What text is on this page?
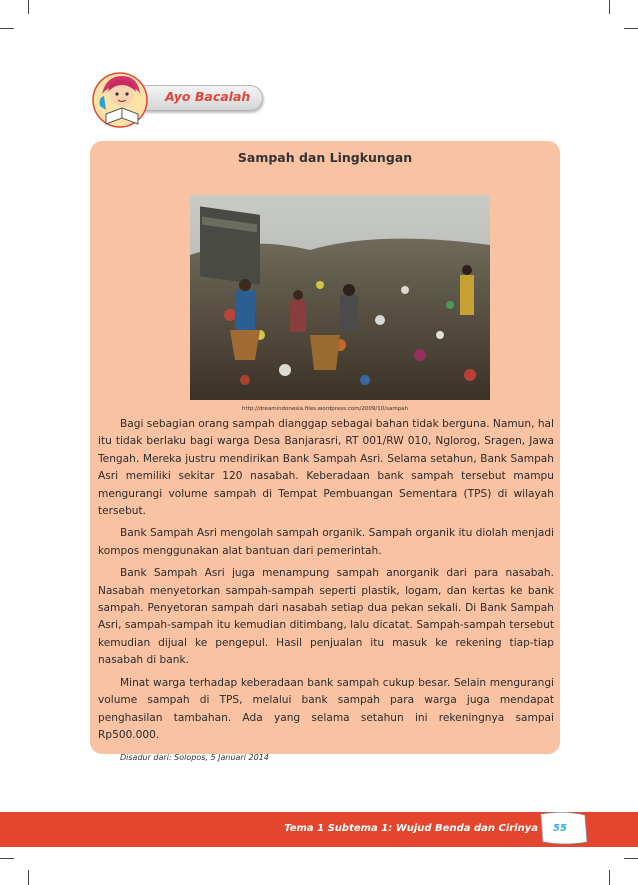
Ayo Bacalah
Sampah dan Lingkungan
http://dreamindonesia.files.wordpress.com/2009/10/sampah

Bagi sebagian orang sampah dianggap sebagai bahan tidak berguna. Namun, hal itu tidak berlaku bagi warga Desa Banjarasri, RT 001/RW 010, Nglorog, Sragen, Jawa Tengah. Mereka justru mendirikan Bank Sampah Asri. Selama setahun, Bank Sampah Asri memiliki sekitar 120 nasabah. Keberadaan bank sampah tersebut mampu mengurangi volume sampah di Tempat Pembuangan Sementara (TPS) di wilayah tersebut.

Bank Sampah Asri mengolah sampah organik. Sampah organik itu diolah menjadi kompos menggunakan alat bantuan dari pemerintah.

Bank Sampah Asri juga menampung sampah anorganik dari para nasabah. Nasabah menyetorkan sampah-sampah seperti plastik, logam, dan kertas ke bank sampah. Penyetoran sampah dari nasabah setiap dua pekan sekali. Di Bank Sampah Asri, sampah-sampah itu kemudian ditimbang, lalu dicatat. Sampah-sampah tersebut kemudian dijual ke pengepul. Hasil penjualan itu masuk ke rekening tiap-tiap nasabah di bank.

Minat warga terhadap keberadaan bank sampah cukup besar. Selain mengurangi volume sampah di TPS, melalui bank sampah para warga juga mendapat penghasilan tambahan. Ada yang selama setahun ini rekeningnya sampai Rp500.000.

Disadur dari: Solopos, 5 Januari 2014
Tema 1 Subtema 1: Wujud Benda dan Cirinya 55
